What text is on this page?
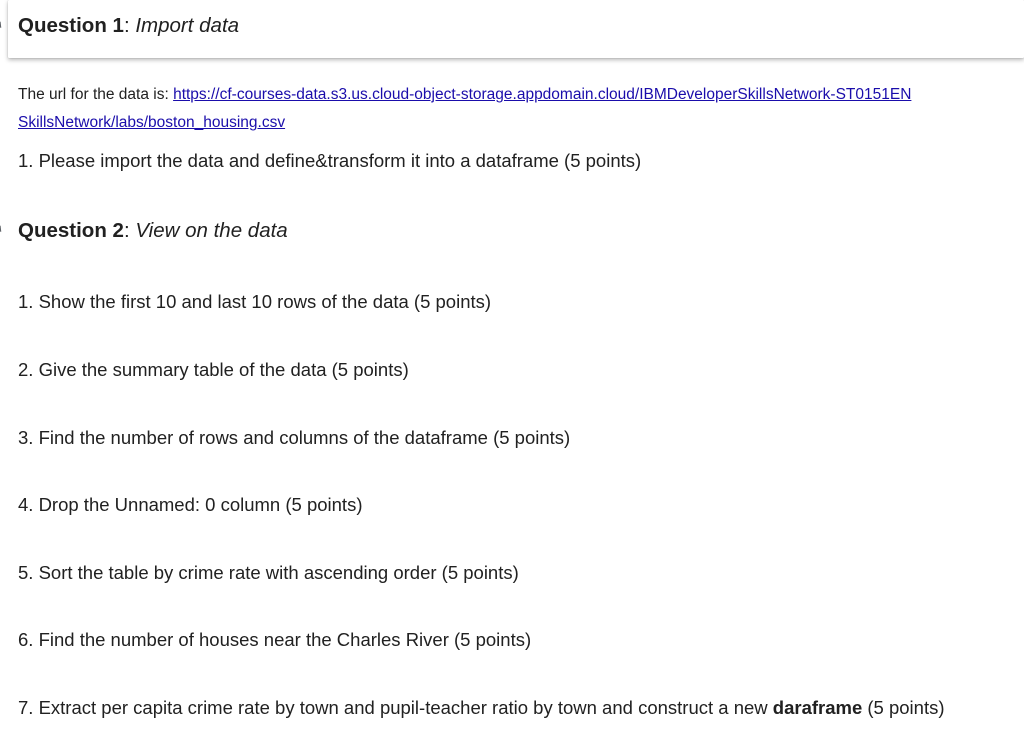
Question 1: Import data
The url for the data is: https://cf-courses-data.s3.us.cloud-object-storage.appdomain.cloud/IBMDeveloperSkillsNetwork-ST0151EN
SkillsNetwork/labs/boston_housing.csv
1. Please import the data and define&transform it into a dataframe (5 points)
Question 2: View on the data
1. Show the first 10 and last 10 rows of the data (5 points)
2. Give the summary table of the data (5 points)
3. Find the number of rows and columns of the dataframe (5 points)
4. Drop the Unnamed: 0 column (5 points)
5. Sort the table by crime rate with ascending order (5 points)
6. Find the number of houses near the Charles River (5 points)
7. Extract per capita crime rate by town and pupil-teacher ratio by town and construct a new daraframe (5 points)
